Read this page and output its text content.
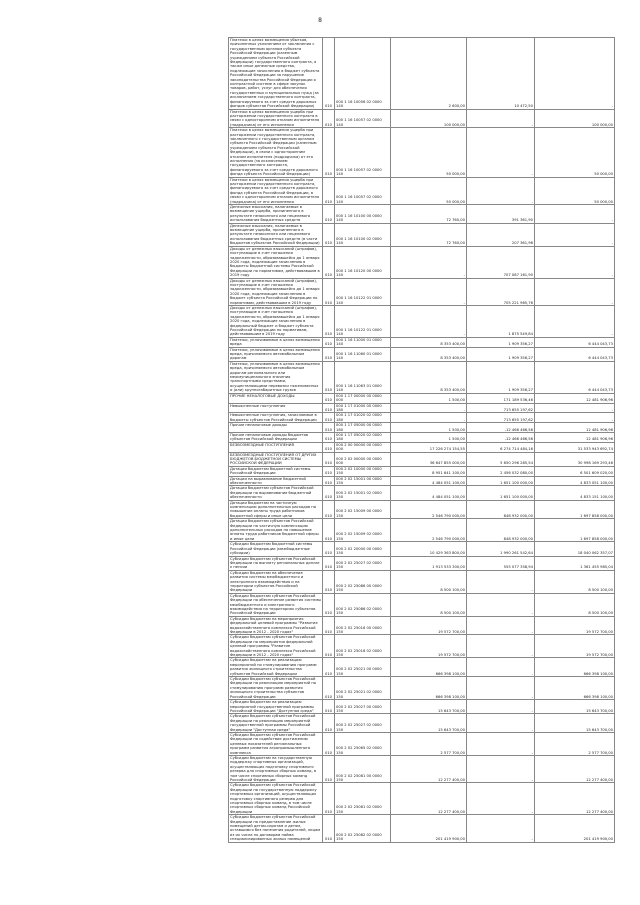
8
Платежи в целях возмещения убытков, причиненных уклонением от заключения с государственным органом субъекта Российской Федерации (казенным учреждением субъекта Российской Федерации) государственного контракта, а также иные денежные средства, подлежащие зачислению в бюджет субъекта Российской Федерации за нарушение законодательства Российской Федерации о контрактной системе в сфере закупок товаров, работ, услуг для обеспечения государственных и муниципальных нужд (за исключением государственного контракта, финансируемого за счет средств дорожных фондов субъектов Российской Федерации)	010	000 1 16 10056 02 0000 140	2 600,00	10 472,50	-
Платежи в целях возмещения ущерба при расторжении государственного контракта в связи с односторонним отказом исполнителя (подрядчика) от его исполнения	010	000 1 16 10057 02 0000 140	100 000,00	-	100 000,00
Платежи в целях возмещения ущерба при расторжении государственного контракта, заключенного с государственным органом субъекта Российской Федерации (казенным учреждением субъекта Российской Федерации), в связи с односторонним отказом исполнителя (подрядчика) от его исполнения (за исключением государственного контракта, финансируемого за счет средств дорожного фонда субъекта Российской Федерации)	010	000 1 16 10057 02 0000 140	50 000,00	-	50 000,00
Платежи в целях возмещения ущерба при расторжении государственного контракта, финансируемого за счет средств дорожного фонда субъекта Российской Федерации, в связи с односторонним отказом исполнителя (подрядчика) от его исполнения	010	000 1 16 10057 02 0000 140	50 000,00	-	50 000,00
Денежные взыскания, налагаемые в возмещение ущерба, причиненного в результате незаконного или нецелевого использования бюджетных средств	010	000 1 16 10100 00 0000 140	72 760,00	391 361,90	-
Денежные взыскания, налагаемые в возмещение ущерба, причиненного в результате незаконного или нецелевого использования бюджетных средств (в части бюджетов субъектов Российской Федерации)	010	000 1 16 10100 02 0000 140	72 760,00	207 361,96	-
Доходы от денежных взысканий (штрафов), поступающие в счет погашения задолженности, образовавшейся до 1 января 2020 года, подлежащие зачислению в бюджеты бюджетной системы Российской Федерации по нормативам, действовавшим в 2019 году	010	000 1 16 10120 00 0000 140	-	707 087 161,90	-
Доходы от денежных взысканий (штрафов), поступающие в счет погашения задолженности, образовавшейся до 1 января 2020 года, подлежащие зачислению в бюджет субъекта Российской Федерации по нормативам, действовавшим в 2019 году	010	000 1 16 10122 01 0000 140	-	705 221 965,76	-
Доходы от денежных взысканий (штрафов), поступающие в счет погашения задолженности, образовавшейся до 1 января 2020 года, подлежащие зачислению в федеральный бюджет и бюджет субъекта Российской Федерации по нормативам, действовавшим в 2019 году	010	000 1 16 10122 01 0000 140	-	1 875 549,84	-
Платежи, уплачиваемые в целях возмещения вреда	010	000 1 16 11000 01 0000 140	8 353 400,00	1 909 356,27	6 444 043,73
Платежи, уплачиваемые в целях возмещения вреда, причиняемого автомобильным дорогам	010	000 1 16 11060 01 0000 140	8 353 400,00	1 909 356,27	6 444 043,73
Платежи, уплачиваемые в целях возмещения вреда, причиняемого автомобильным дорогам регионального или межмуниципального значения транспортными средствами, осуществляющими перевозки тяжеловесных и (или) крупногабаритных грузов	010	000 1 16 11063 01 0000 140	8 353 400,00	1 909 356,27	6 444 043,73
ПРОЧИЕ НЕНАЛОГОВЫЕ ДОХОДЫ	010	000 1 17 00000 00 0000 000	1 500,00	171 189 536,46	12 481 906,96
Невыясненные поступления	010	000 1 17 01000 00 0000 180	-	713 655 197,62	-
Невыясненные поступления, зачисляемые в бюджеты субъектов Российской Федерации	010	000 1 17 01020 02 0000 180	-	713 655 197,62	-
Прочие неналоговые доходы	010	000 1 17 05000 00 0000 180	1 500,00	-12 466 466,56	12 481 906,96
Прочие неналоговые доходы бюджетов субъектов Российской Федерации	010	000 1 17 05020 02 0000 180	1 500,00	-12 466 466,56	12 481 906,96
БЕЗВОЗМЕЗДНЫЕ ПОСТУПЛЕНИЯ	010	000 2 00 00000 00 0000 000	17 226 274 154,55	6 274 714 484,16	31 533 943 692,74
БЕЗВОЗМЕЗДНЫЕ ПОСТУПЛЕНИЯ ОТ ДРУГИХ БЮДЖЕТОВ БЮДЖЕТНОЙ СИСТЕМЫ РОССИЙСКОЙ ФЕДЕРАЦИИ	010	000 2 02 00000 00 0000 000	36 647 855 000,00	5 650 296 285,54	30 998 169 293,46
Дотации бюджетам бюджетной системы Российской Федерации	010	000 2 02 10000 00 0000 150	8 951 641 100,00	2 456 032 080,00	6 501 609 020,00
Дотации на выравнивание бюджетной обеспеченности	010	000 2 02 15001 00 0000 150	4 484 051 100,00	1 651 100 000,00	4 833 051 100,00
Дотации бюджетам субъектов Российской Федерации на выравнивание бюджетной обеспеченности	010	000 2 02 15001 02 0000 150	4 484 051 100,00	1 651 100 000,00	4 833 151 100,00
Дотации бюджетам на частичную компенсацию дополнительных расходов на повышение оплаты труда работников бюджетной сферы и иные цели	010	000 2 02 15009 00 0000 150	2 546 790 000,00	848 932 000,00	1 697 858 000,00
Дотации бюджетам субъектов Российской Федерации на частичную компенсацию дополнительных расходов на повышение оплаты труда работников бюджетной сферы и иные цели	010	000 2 02 15009 02 0000 150	2 546 790 000,00	848 932 000,00	1 697 858 000,00
Субсидии бюджетам бюджетной системы Российской Федерации (межбюджетные субсидии)	010	000 2 02 20000 00 0000 150	10 429 363 800,00	1 990 261 542,64	18 040 062 357,07
Субсидии бюджетам субъектов Российской Федерации на выплату региональных доплат к пенсии	010	000 2 02 25027 02 0000 150	1 913 533 300,00	555 077 358,94	1 361 455 985,04
Субсидии бюджетам на обеспечение развития системы межбюджетного и электронного взаимодействия и на территории субъектов Российской Федерации	010	000 2 02 25086 00 0000 150	8 500 100,00	-	8 500 100,00
Субсидии бюджетам субъектов Российской Федерации на обеспечение развития системы межбюджетного и электронного взаимодействия на территориях субъектов Российской Федерации	010	000 2 02 25086 02 0000 150	8 500 100,00	-	8 500 100,00
Субсидии бюджетам на мероприятия федеральной целевой программы "Развитие водохозяйственного комплекса Российской Федерации в 2012 - 2020 годах"	010	000 2 02 25016 00 0000 150	19 572 700,00	-	19 572 700,00
Субсидии бюджетам субъектов Российской Федерации на мероприятия федеральной целевой программы "Развитие водохозяйственного комплекса Российской Федерации в 2012 - 2020 годах"	010	000 2 02 25016 02 0000 150	19 572 700,00	-	19 572 700,00
Субсидии бюджетам на реализацию мероприятий по стимулированию программ развития жилищного строительства субъектов Российской Федерации	010	000 2 02 25021 00 0000 150	666 398 100,00	-	666 398 100,00
Субсидии бюджетам субъектов Российской Федерации на реализацию мероприятий по стимулированию программ развития жилищного строительства субъектов Российской Федерации	010	000 2 02 25021 02 0000 150	666 398 100,00	-	666 398 100,00
Субсидии бюджетам на реализацию мероприятий государственной программы Российской Федерации "Доступная среда"	010	000 2 02 25027 00 0000 150	15 643 700,00	-	15 643 700,00
Субсидии бюджетам субъектов Российской Федерации на реализацию мероприятий государственной программы Российской Федерации "Доступная среда"	010	000 2 02 25027 02 0000 150	15 643 700,00	-	15 643 700,00
Субсидии бюджетам субъектов Российской Федерации на содействие достижению целевых показателей региональных программ развития агропромышленного комплекса	010	000 2 02 25065 02 0000 150	2 577 700,00	-	2 577 700,00
Субсидии бюджетам на государственную поддержку спортивных организаций, осуществляющих подготовку спортивного резерва для спортивных сборных команд, в том числе спортивных сборных команд Российской Федерации	010	000 2 02 25081 00 0000 150	12 277 400,00	-	12 277 400,00
Субсидии бюджетам субъектов Российской Федерации на государственную поддержку спортивных организаций, осуществляющих подготовку спортивного резерва для спортивных сборных команд, в том числе спортивных сборных команд Российской Федерации	010	000 2 02 25081 02 0000 150	12 277 400,00	-	12 277 400,00
Субсидии бюджетам субъектов Российской Федерации на предоставление жилых помещений детям-сиротам и детям, оставшимся без попечения родителей, лицам из их числа по договорам найма специализированных жилых помещений	010	000 2 02 25082 02 0000 150	201 419 900,00	-	201 419 900,00
